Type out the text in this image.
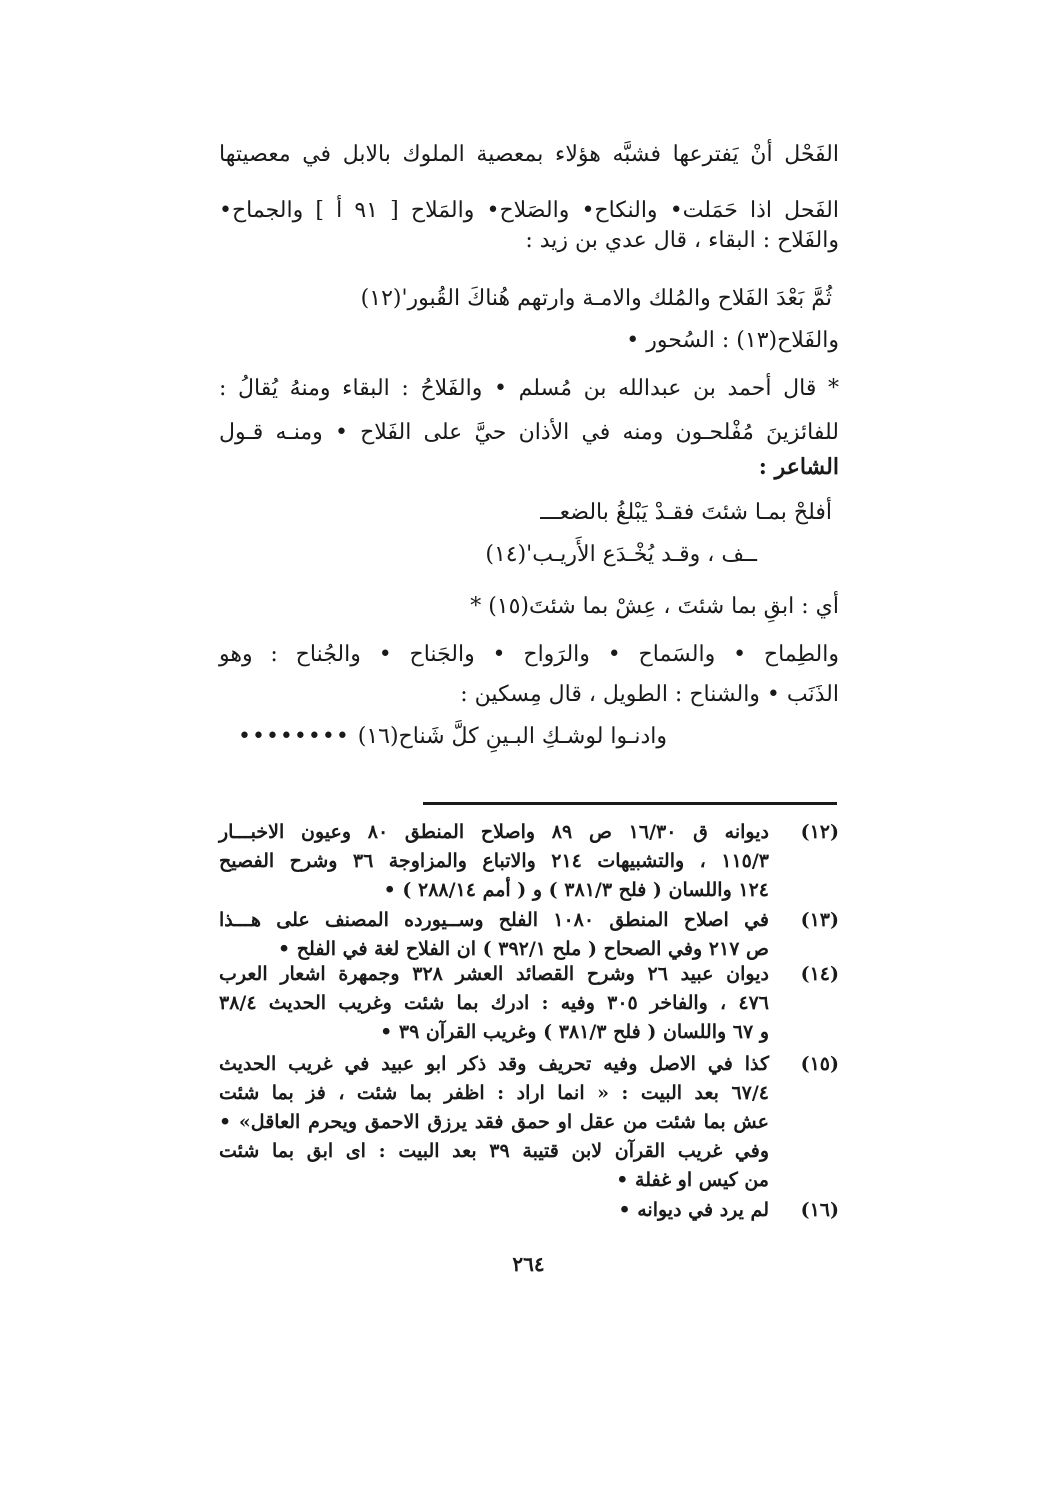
الفَحْل أنْ يَفترعها فشبَّه هؤلاء بمعصية الملوك بالابل في معصيتها
الفَحل اذا حَمَلت• والنكاح• والصَلاح• والمَلاح [ ٩١ أ ] والجماح•
والفَلاح : البقاء ، قال عدي بن زيد :
ثُمَّ بَعْدَ الفَلاح والمُلك والامـة وارتهم هُناكَ القُبور'(١٢)
والفَلاح(١٣) : السُحور •
* قال أحمد بن عبدالله بن مُسلم • والفَلاحُ : البقاء ومنهُ يُقالُ :
للفائزينَ مُفْلحـون ومنه في الأذان حيَّ على الفَلاح • ومنـه قـول
الشاعر :
أفلحْ بمـا شئتَ فقـدْ يَبْلغُ بالضعـــ
ــف ، وقـد يُخْـدَع الأَريـب'(١٤)
أي : ابقِ بما شئتَ ، عِشْ بما شئتَ(١٥) *
والطِماح • والسَماح • والرَواح • والجَناح • والجُناح : وهو
الذَنَب • والشناح : الطويل ، قال مِسكين :
وادنـوا لوشـكِ البـينِ كلَّ شَناح(١٦)
••••••••
(١٢)
ديوانه ق ١٦/٣٠ ص ٨٩ واصلاح المنطق ٨٠ وعيون الاخبـــار
١١٥/٣ ، والتشبيهات ٢١٤ والاتباع والمزاوجة ٣٦ وشرح الفصيح
١٢٤ واللسان ( فلح ٣٨١/٣ ) و ( أمم ٢٨٨/١٤ ) •
(١٣)
في اصلاح المنطق ١٠٨٠ الفلح وســيورده المصنف على هـــذا
ص ٢١٧ وفي الصحاح ( ملح ٣٩٢/١ ) ان الفلاح لغة في الفلح •
(١٤)
ديوان عبيد ٢٦ وشرح القصائد العشر ٣٢٨ وجمهرة اشعار العرب
٤٧٦ ، والفاخر ٣٠٥ وفيه : ادرك بما شئت وغريب الحديث ٣٨/٤
و ٦٧ واللسان ( فلح ٣٨١/٣ ) وغريب القرآن ٣٩ •
(١٥)
كذا في الاصل وفيه تحريف وقد ذكر ابو عبيد في غريب الحديث
٦٧/٤ بعد البيت : « انما اراد : اظفر بما شئت ، فز بما شئت
عش بما شئت من عقل او حمق فقد يرزق الاحمق ويحرم العاقل» •
وفي غريب القرآن لابن قتيبة ٣٩ بعد البيت : اى ابق بما شئت
من كيس او غفلة •
(١٦)
لم يرد في ديوانه •
٢٦٤
